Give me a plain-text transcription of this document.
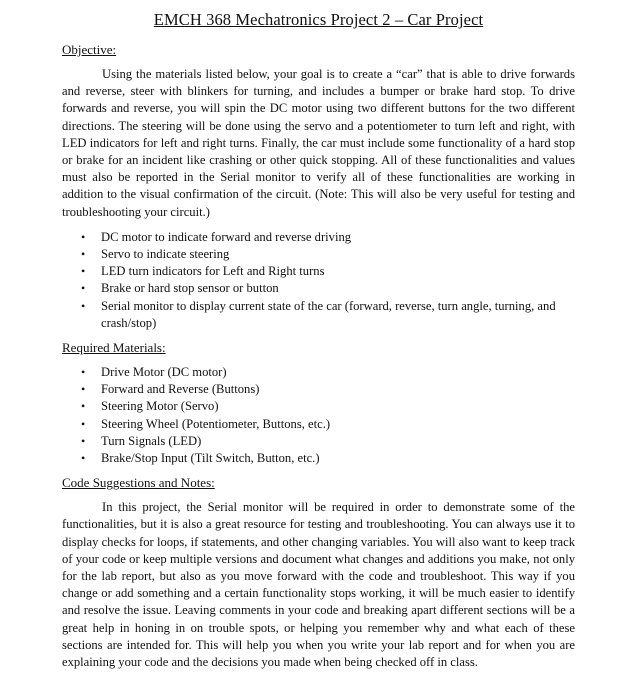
EMCH 368 Mechatronics Project 2 – Car Project
Objective:

Using the materials listed below, your goal is to create a “car” that is able to drive forwards and reverse, steer with blinkers for turning, and includes a bumper or brake hard stop. To drive forwards and reverse, you will spin the DC motor using two different buttons for the two different directions. The steering will be done using the servo and a potentiometer to turn left and right, with LED indicators for left and right turns. Finally, the car must include some functionality of a hard stop or brake for an incident like crashing or other quick stopping. All of these functionalities and values must also be reported in the Serial monitor to verify all of these functionalities are working in addition to the visual confirmation of the circuit. (Note: This will also be very useful for testing and troubleshooting your circuit.)

• DC motor to indicate forward and reverse driving
• Servo to indicate steering
• LED turn indicators for Left and Right turns
• Brake or hard stop sensor or button
• Serial monitor to display current state of the car (forward, reverse, turn angle, turning, and crash/stop)
Required Materials:
• Drive Motor (DC motor)
• Forward and Reverse (Buttons)
• Steering Motor (Servo)
• Steering Wheel (Potentiometer, Buttons, etc.)
• Turn Signals (LED)
• Brake/Stop Input (Tilt Switch, Button, etc.)
Code Suggestions and Notes:

In this project, the Serial monitor will be required in order to demonstrate some of the functionalities, but it is also a great resource for testing and troubleshooting. You can always use it to display checks for loops, if statements, and other changing variables. You will also want to keep track of your code or keep multiple versions and document what changes and additions you make, not only for the lab report, but also as you move forward with the code and troubleshoot. This way if you change or add something and a certain functionality stops working, it will be much easier to identify and resolve the issue. Leaving comments in your code and breaking apart different sections will be a great help in honing in on trouble spots, or helping you remember why and what each of these sections are intended for. This will help you when you write your lab report and for when you are explaining your code and the decisions you made when being checked off in class.
